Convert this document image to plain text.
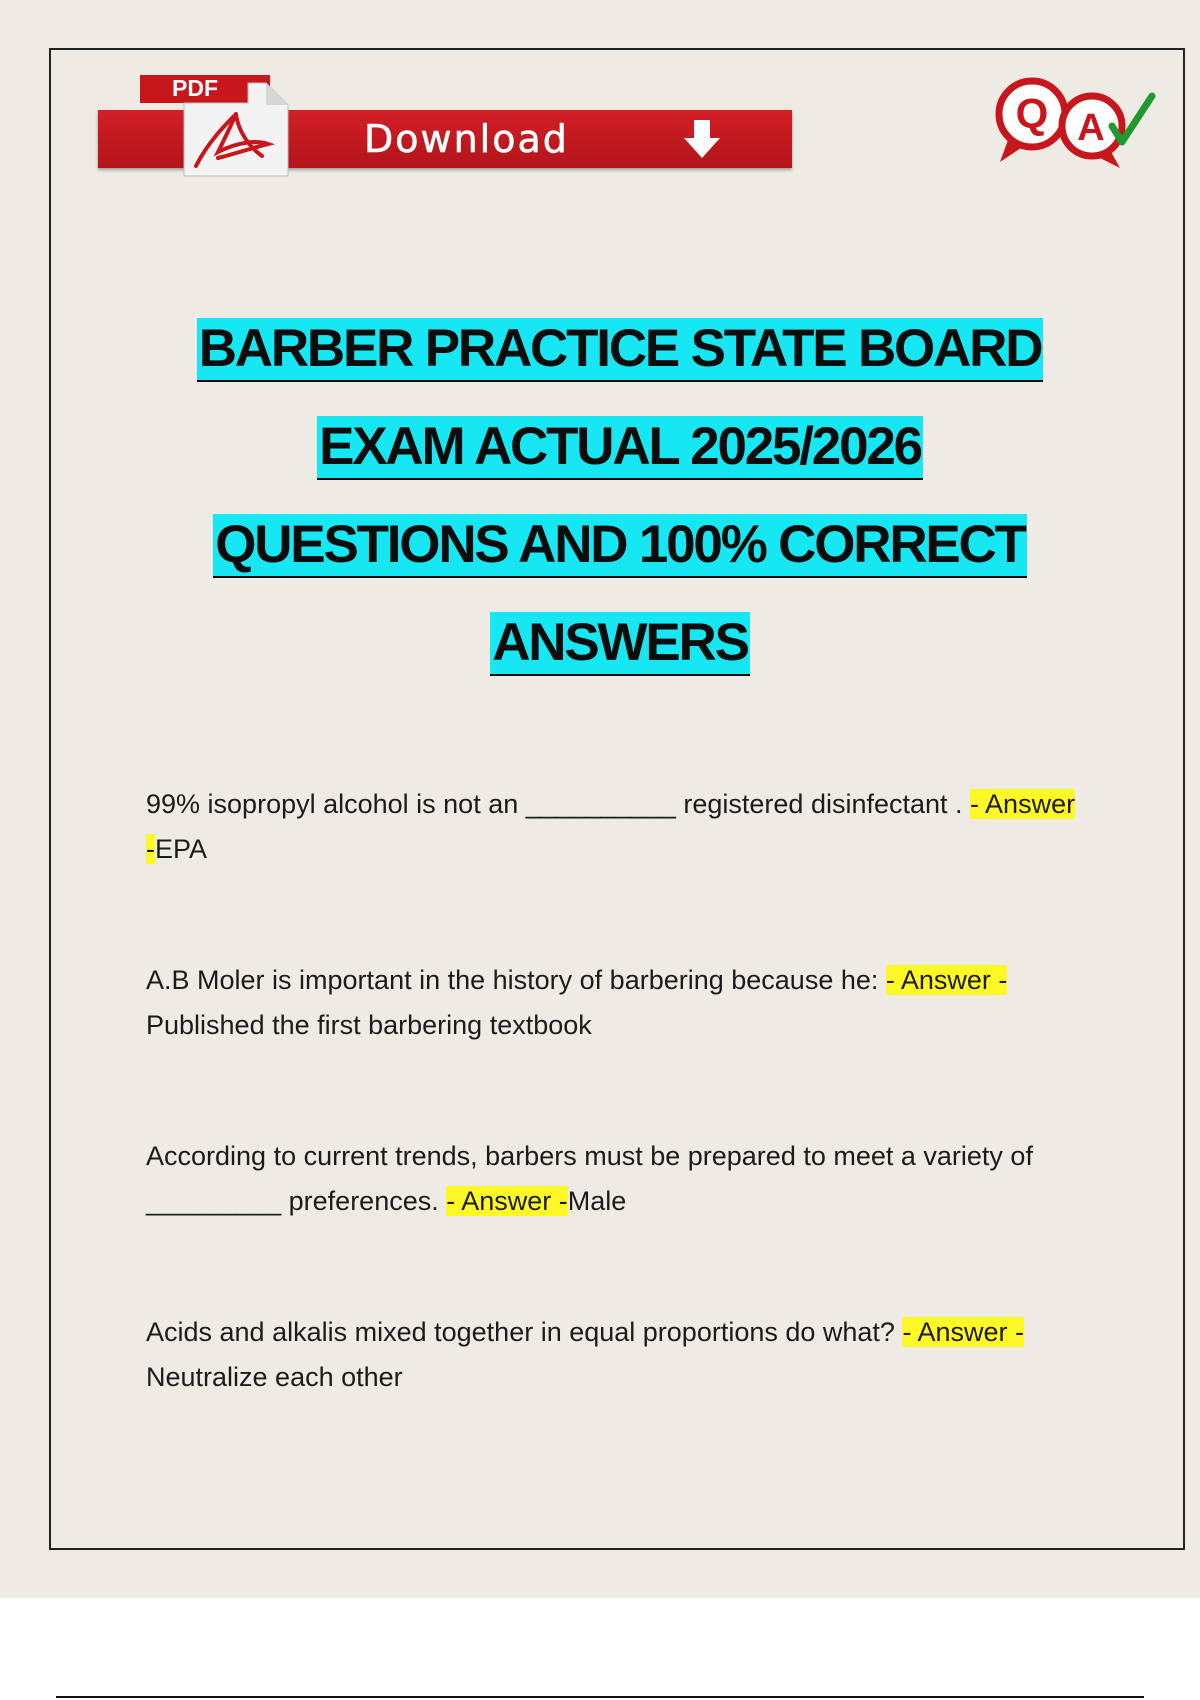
PDF
Download
Q A
BARBER PRACTICE STATE BOARD
EXAM ACTUAL 2025/2026
QUESTIONS AND 100% CORRECT
ANSWERS

99% isopropyl alcohol is not an __________ registered disinfectant . - Answer -EPA

A.B Moler is important in the history of barbering because he: - Answer -Published the first barbering textbook

According to current trends, barbers must be prepared to meet a variety of _________ preferences. - Answer -Male

Acids and alkalis mixed together in equal proportions do what? - Answer -Neutralize each other
